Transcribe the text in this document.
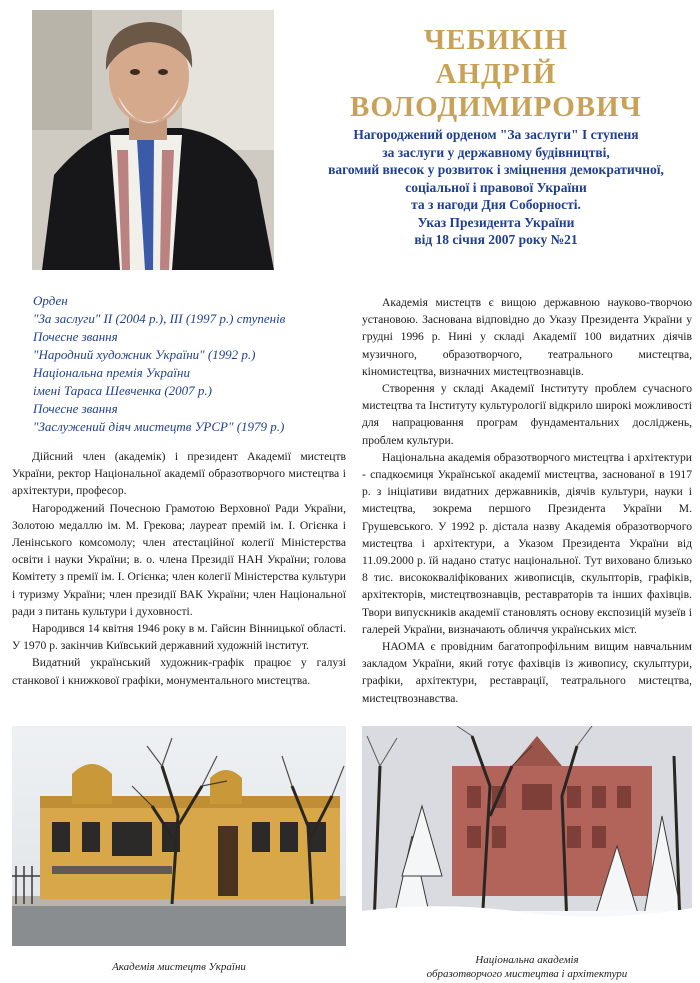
ЧЕБИКІН
АНДРІЙ ВОЛОДИМИРОВИЧ
Нагороджений орденом "За заслуги" I ступеня
за заслуги у державному будівництві,
вагомий внесок у розвиток і зміцнення демократичної,
соціальної і правової України
та з нагоди Дня Соборності.
Указ Президента України
від 18 січня 2007 року №21
Орден
"За заслуги" II (2004 р.), III (1997 р.) ступенів
Почесне звання
"Народний художник України" (1992 р.)
Національна премія України
імені Тараса Шевченка (2007 р.)
Почесне звання
"Заслужений діяч мистецтв УРСР" (1979 р.)

Дійсний член (академік) і президент Академії мистецтв України, ректор Національної академії образотворчого мистецтва і архітектури, професор.

Нагороджений Почесною Грамотою Верховної Ради України, Золотою медаллю ім. М. Грекова; лауреат премій ім. І. Огієнка і Ленінського комсомолу; член атестаційної колегії Міністерства освіти і науки України; в. о. члена Президії НАН України; голова Комітету з премії ім. І. Огієнка; член колегії Міністерства культури і туризму України; член президії ВАК України; член Національної ради з питань культури і духовності.

Народився 14 квітня 1946 року в м. Гайсин Вінницької області. У 1970 р. закінчив Київський державний художній інститут.

Видатний український художник-графік працює у галузі станкової і книжкової графіки, монументального мистецтва.

Академія мистецтв є вищою державною науково-творчою установою. Заснована відповідно до Указу Президента України у грудні 1996 р. Нині у складі Академії 100 видатних діячів музичного, образотворчого, театрального мистецтва, кіномистецтва, визначних мистецтвознавців.

Створення у складі Академії Інституту проблем сучасного мистецтва та Інституту культурології відкрило широкі можливості для напрацювання програм фундаментальних досліджень, проблем культури.

Національна академія образотворчого мистецтва і архітектури - спадкоємиця Української академії мистецтва, заснованої в 1917 р. з ініціативи видатних державників, діячів культури, науки і мистецтва, зокрема першого Президента України М. Грушевського. У 1992 р. дістала назву Академія образотворчого мистецтва і архітектури, а Указом Президента України від 11.09.2000 р. їй надано статус національної. Тут виховано близько 8 тис. висококваліфікованих живописців, скульпторів, графіків, архітекторів, мистецтвознавців, реставраторів та інших фахівців. Твори випускників академії становлять основу експозицій музеїв і галерей України, визначають обличчя українських міст.

НАОМА є провідним багатопрофільним вищим навчальним закладом України, який готує фахівців із живопису, скульптури, графіки, архітектури, реставрації, театрального мистецтва, мистецтвознавства.

Академія мистецтв України
Національна академія
образотворчого мистецтва і архітектури
